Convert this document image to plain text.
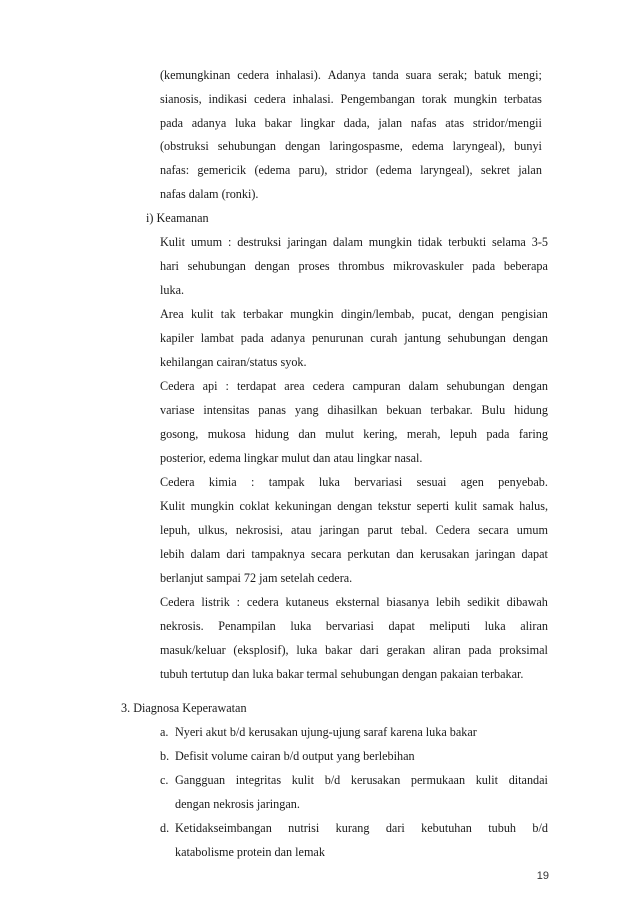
(kemungkinan cedera inhalasi). Adanya tanda suara serak; batuk mengi;
sianosis, indikasi cedera inhalasi. Pengembangan torak mungkin terbatas
pada adanya luka bakar lingkar dada, jalan nafas atas stridor/mengii
(obstruksi sehubungan dengan laringospasme, edema laryngeal), bunyi
nafas: gemericik (edema paru), stridor (edema laryngeal), sekret jalan
nafas dalam (ronki).
i) Keamanan
Kulit umum : destruksi jaringan dalam mungkin tidak terbukti selama 3-5
hari sehubungan dengan proses thrombus mikrovaskuler pada beberapa
luka.
Area kulit tak terbakar mungkin dingin/lembab, pucat, dengan pengisian
kapiler lambat pada adanya penurunan curah jantung sehubungan dengan
kehilangan cairan/status syok.
Cedera api : terdapat area cedera campuran dalam sehubungan dengan
variase intensitas panas yang dihasilkan bekuan terbakar. Bulu hidung
gosong, mukosa hidung dan mulut kering, merah, lepuh pada faring
posterior, edema lingkar mulut dan atau lingkar nasal.
Cedera kimia : tampak luka bervariasi sesuai agen penyebab.
Kulit mungkin coklat kekuningan dengan tekstur seperti kulit samak halus,
lepuh, ulkus, nekrosisi, atau jaringan parut tebal. Cedera secara umum
lebih dalam dari tampaknya secara perkutan dan kerusakan jaringan dapat
berlanjut sampai 72 jam setelah cedera.
Cedera listrik : cedera kutaneus eksternal biasanya lebih sedikit dibawah
nekrosis. Penampilan luka bervariasi dapat meliputi luka aliran
masuk/keluar (eksplosif), luka bakar dari gerakan aliran pada proksimal
tubuh tertutup dan luka bakar termal sehubungan dengan pakaian terbakar.
3. Diagnosa Keperawatan
a. Nyeri akut b/d kerusakan ujung-ujung saraf karena luka bakar
b. Defisit volume cairan b/d output yang berlebihan
c. Gangguan integritas kulit b/d kerusakan permukaan kulit ditandai
dengan nekrosis jaringan.
d. Ketidakseimbangan nutrisi kurang dari kebutuhan tubuh b/d
katabolisme protein dan lemak
19
